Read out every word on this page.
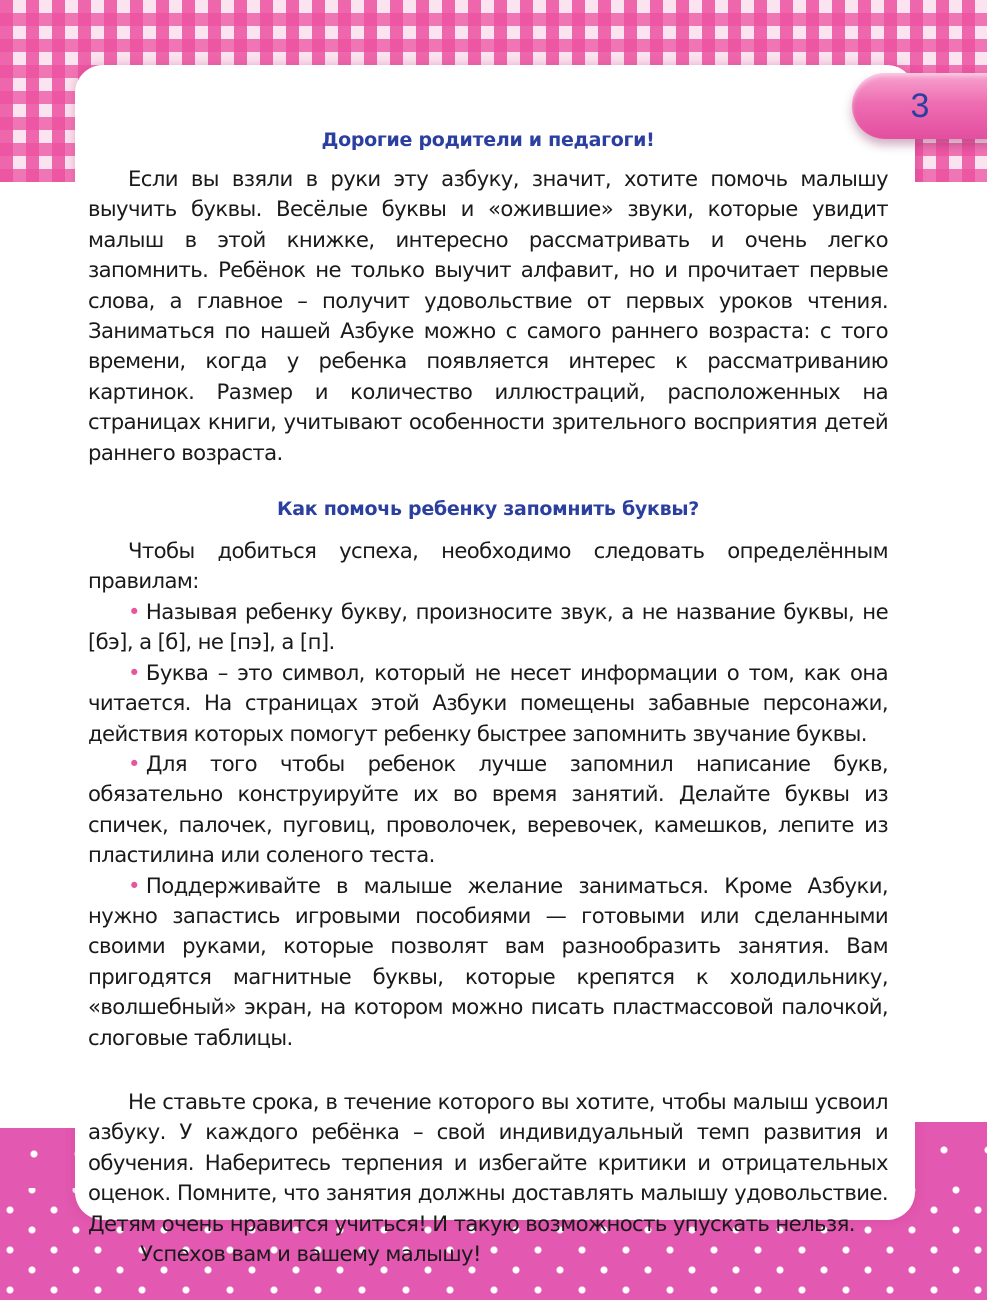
3
Дорогие родители и педагоги!

Если вы взяли в руки эту азбуку, значит, хотите помочь малышу выучить буквы. Весёлые буквы и «ожившие» звуки, которые увидит малыш в этой книжке, интересно рассматривать и очень легко запомнить. Ребёнок не только выучит алфавит, но и прочитает первые слова, а главное – получит удовольствие от первых уроков чтения. Заниматься по нашей Азбуке можно с самого раннего возраста: с того времени, когда у ребенка появляется интерес к рассматриванию картинок. Размер и количество иллюстраций, расположенных на страницах книги, учитывают особенности зрительного восприятия детей раннего возраста.

Как помочь ребенку запомнить буквы?

Чтобы добиться успеха, необходимо следовать определённым правилам:

• Называя ребенку букву, произносите звук, а не название буквы, не [бэ], а [б], не [пэ], а [п].

• Буква – это символ, который не несет информации о том, как она читается. На страницах этой Азбуки помещены забавные персонажи, действия которых помогут ребенку быстрее запомнить звучание буквы.

• Для того чтобы ребенок лучше запомнил написание букв, обязательно конструируйте их во время занятий. Делайте буквы из спичек, палочек, пуговиц, проволочек, веревочек, камешков, лепите из пластилина или соленого теста.

• Поддерживайте в малыше желание заниматься. Кроме Азбуки, нужно запастись игровыми пособиями — готовыми или сделанными своими руками, которые позволят вам разнообразить занятия. Вам пригодятся магнитные буквы, которые крепятся к холодильнику, «волшебный» экран, на котором можно писать пластмассовой палочкой, слоговые таблицы.

Не ставьте срока, в течение которого вы хотите, чтобы малыш усвоил азбуку. У каждого ребёнка – свой индивидуальный темп развития и обучения. Наберитесь терпения и избегайте критики и отрицательных оценок. Помните, что занятия должны доставлять малышу удовольствие. Детям очень нравится учиться! И такую возможность упускать нельзя.

Успехов вам и вашему малышу!
